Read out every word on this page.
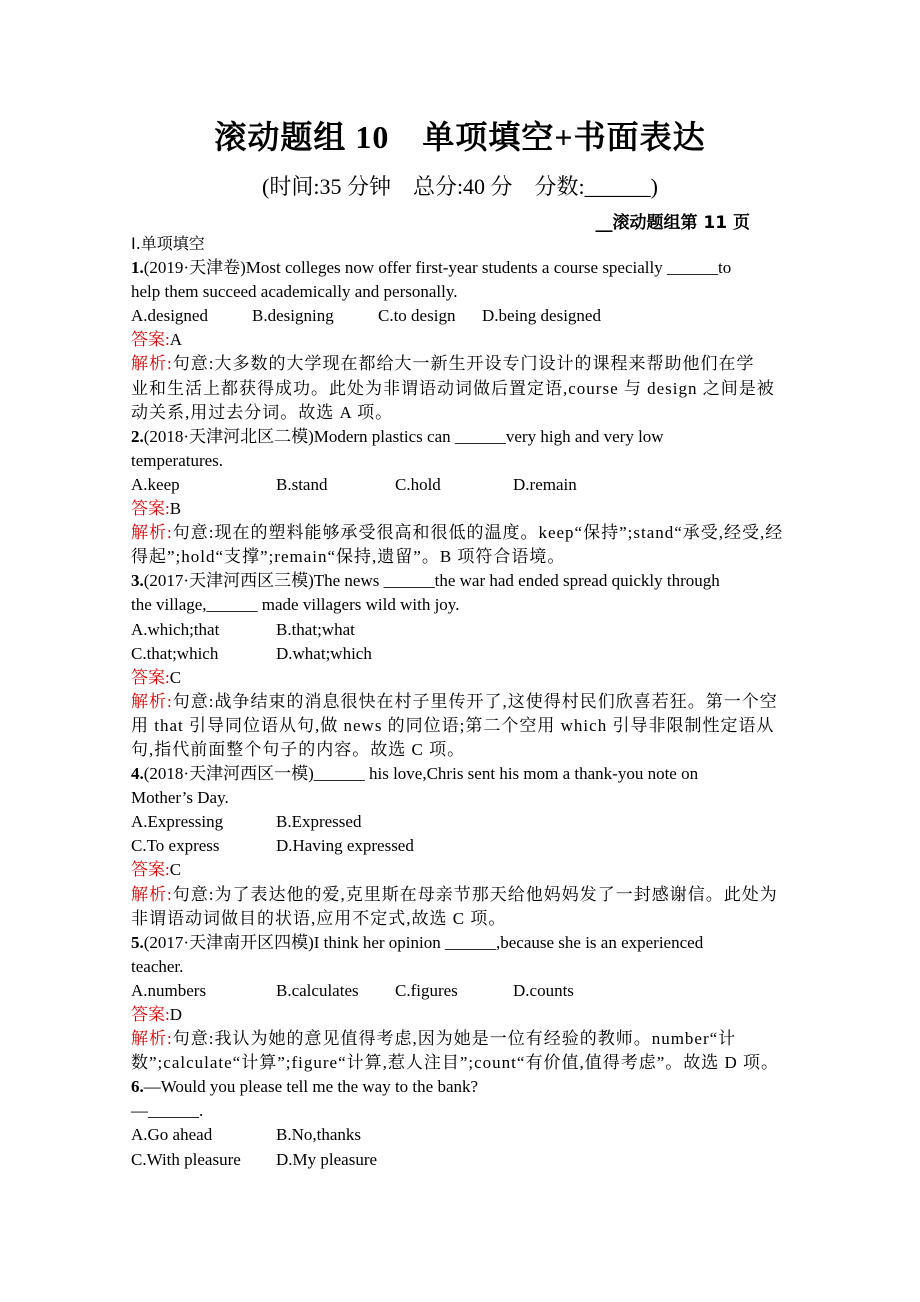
滚动题组 10　单项填空+书面表达
(时间:35 分钟　总分:40 分　分数:______)
__滚动题组第 11 页
Ⅰ.单项填空
1.(2019·天津卷)Most colleges now offer first-year students a course specially ______to
help them succeed academically and personally.
A.designed	B.designing	C.to design D.being designed
答案:A
解析:句意:大多数的大学现在都给大一新生开设专门设计的课程来帮助他们在学
业和生活上都获得成功。此处为非谓语动词做后置定语,course 与 design 之间是被
动关系,用过去分词。故选 A 项。
2.(2018·天津河北区二模)Modern plastics can ______very high and very low
temperatures.
A.keep	B.stand	C.hold	D.remain
答案:B
解析:句意:现在的塑料能够承受很高和很低的温度。keep“保持”;stand“承受,经受,经
得起”;hold“支撑”;remain“保持,遗留”。B 项符合语境。
3.(2017·天津河西区三模)The news ______the war had ended spread quickly through
the village,______ made villagers wild with joy.
A.which;that	B.that;what
C.that;which	D.what;which
答案:C
解析:句意:战争结束的消息很快在村子里传开了,这使得村民们欣喜若狂。第一个空
用 that 引导同位语从句,做 news 的同位语;第二个空用 which 引导非限制性定语从
句,指代前面整个句子的内容。故选 C 项。
4.(2018·天津河西区一模)______ his love,Chris sent his mom a thank-you note on
Mother’s Day.
A.Expressing	B.Expressed
C.To express	D.Having expressed
答案:C
解析:句意:为了表达他的爱,克里斯在母亲节那天给他妈妈发了一封感谢信。此处为
非谓语动词做目的状语,应用不定式,故选 C 项。
5.(2017·天津南开区四模)I think her opinion ______,because she is an experienced
teacher.
A.numbers	B.calculates C.figures	D.counts
答案:D
解析:句意:我认为她的意见值得考虑,因为她是一位有经验的教师。number“计
数”;calculate“计算”;figure“计算,惹人注目”;count“有价值,值得考虑”。故选 D 项。
6.—Would you please tell me the way to the bank?
—______.
A.Go ahead	B.No,thanks
C.With pleasure D.My pleasure
